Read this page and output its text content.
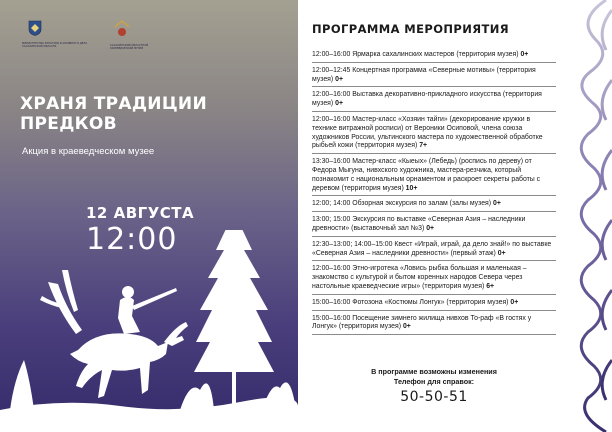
МИНИСТЕРСТВО КУЛЬТУРЫ И АРХИВНОГО ДЕЛА САХАЛИНСКОЙ ОБЛАСТИ	САХАЛИНСКИЙ ОБЛАСТНОЙ КРАЕВЕДЧЕСКИЙ МУЗЕЙ
ХРАНЯ ТРАДИЦИИ
ПРЕДКОВ
Акция в краеведческом музее
12 АВГУСТА
12:00
ПРОГРАММА МЕРОПРИЯТИЯ
12:00–16:00 Ярмарка сахалинских мастеров (территория музея) 0+
12:00–12:45 Концертная программа «Северные мотивы» (территория музея) 0+
12:00–16:00 Выставка декоративно-прикладного искусства (территория музея) 0+
12:00–16:00 Мастер-класс «Хозяин тайги» (декорирование кружки в технике витражной росписи) от Вероники Осиповой, члена союза художников России, ультинского мастера по художественной обработке рыбьей кожи (территория музея) 7+
13:30–16:00 Мастер-класс «Кыеых» (Лебедь) (роспись по дереву) от Федора Мыгуна, нивхского художника, мастера-резчика, который познакомит с национальным орнаментом и раскроет секреты работы с деревом (территория музея) 10+
12:00; 14:00 Обзорная экскурсия по залам (залы музея) 0+
13:00; 15:00 Экскурсия по выставке «Северная Азия – наследники древности» (выставочный зал №3) 0+
12:30–13:00; 14:00–15:00 Квест «Играй, играй, да дело знай!» по выставке «Северная Азия – наследники древности» (первый этаж) 0+
12:00–16:00 Этно-игротека «Ловись рыбка большая и маленькая – знакомство с культурой и бытом коренных народов Севера через настольные краеведческие игры» (территория музея) 6+
15:00–16:00 Фотозона «Костюмы Лонгук» (территория музея) 0+
15:00–16:00 Посещение зимнего жилища нивхов То-раф «В гостях у Лонгук» (территория музея) 0+
В программе возможны изменения
Телефон для справок:
50-50-51
